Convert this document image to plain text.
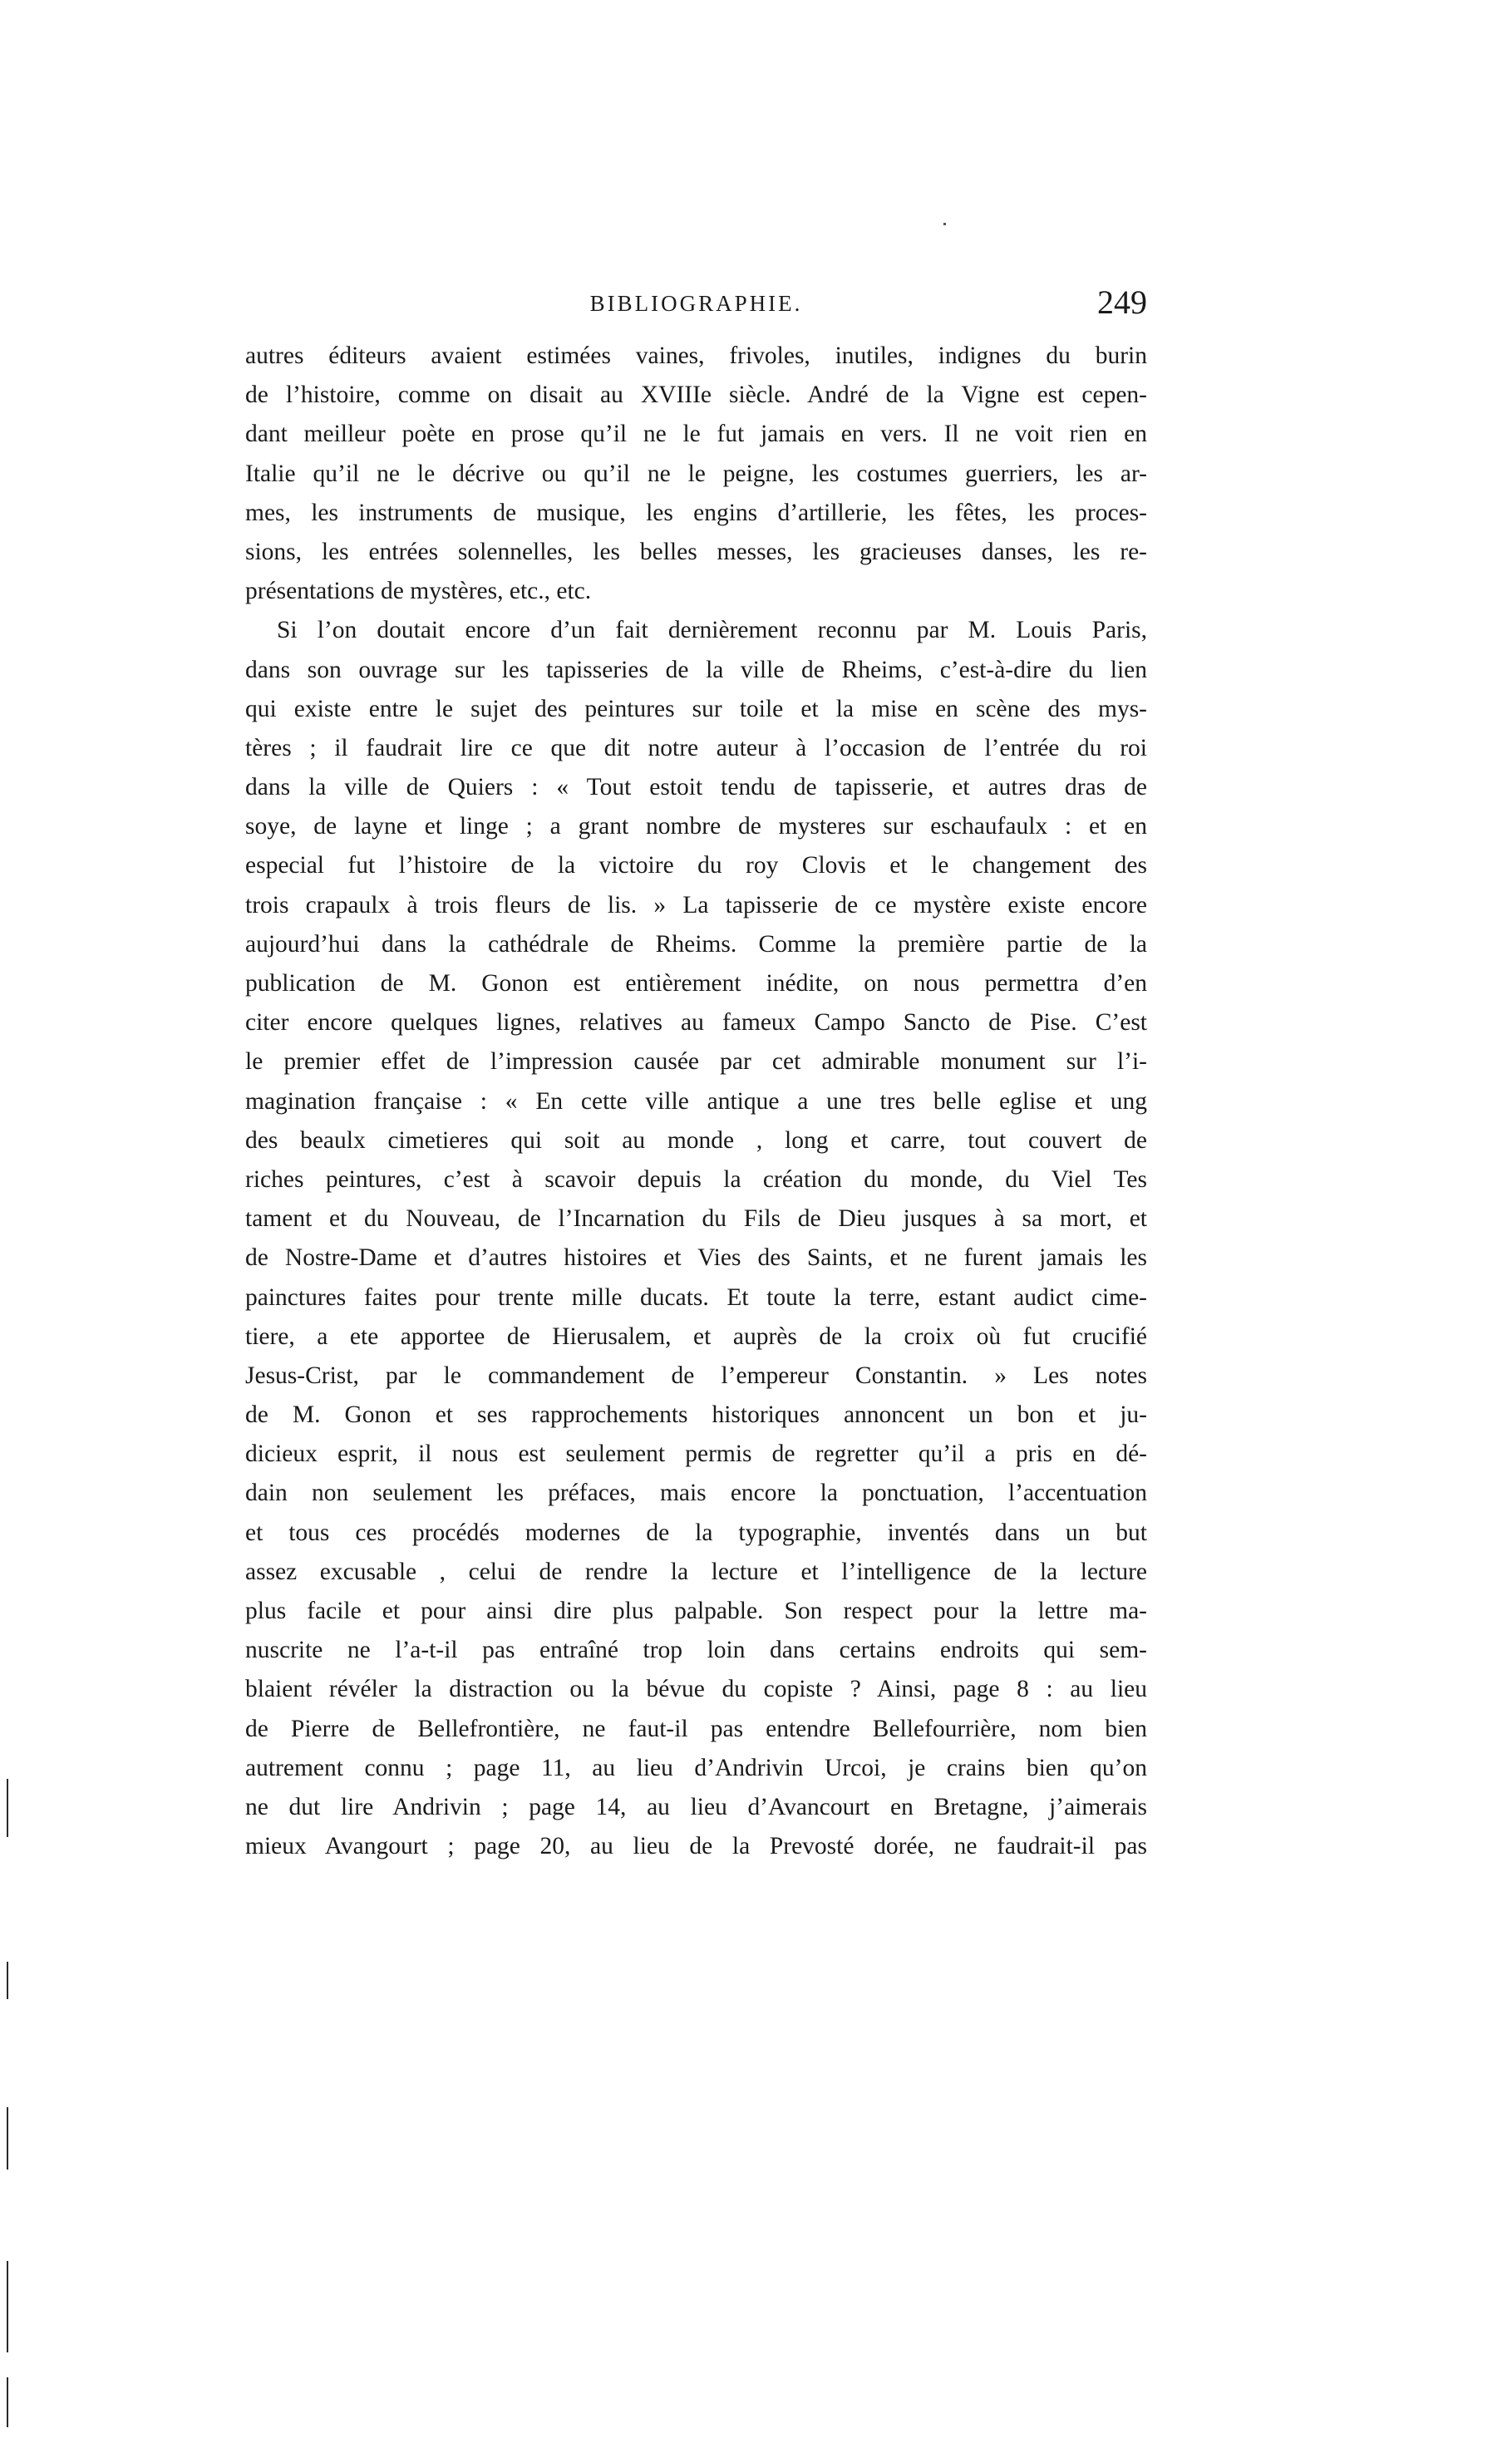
BIBLIOGRAPHIE.	249
autres éditeurs avaient estimées vaines, frivoles, inutiles, indignes du burin
de l’histoire, comme on disait au XVIIIe siècle. André de la Vigne est cepen-
dant meilleur poète en prose qu’il ne le fut jamais en vers. Il ne voit rien en
Italie qu’il ne le décrive ou qu’il ne le peigne, les costumes guerriers, les ar-
mes, les instruments de musique, les engins d’artillerie, les fêtes, les proces-
sions, les entrées solennelles, les belles messes, les gracieuses danses, les re-
présentations de mystères, etc., etc.
Si l’on doutait encore d’un fait dernièrement reconnu par M. Louis Paris,
dans son ouvrage sur les tapisseries de la ville de Rheims, c’est-à-dire du lien
qui existe entre le sujet des peintures sur toile et la mise en scène des mys-
tères ; il faudrait lire ce que dit notre auteur à l’occasion de l’entrée du roi
dans la ville de Quiers : « Tout estoit tendu de tapisserie, et autres dras de
soye, de layne et linge ; a grant nombre de mysteres sur eschaufaulx : et en
especial fut l’histoire de la victoire du roy Clovis et le changement des
trois crapaulx à trois fleurs de lis. » La tapisserie de ce mystère existe encore
aujourd’hui dans la cathédrale de Rheims. Comme la première partie de la
publication de M. Gonon est entièrement inédite, on nous permettra d’en
citer encore quelques lignes, relatives au fameux Campo Sancto de Pise. C’est
le premier effet de l’impression causée par cet admirable monument sur l’i-
magination française : « En cette ville antique a une tres belle eglise et ung
des beaulx cimetieres qui soit au monde , long et carre, tout couvert de
riches peintures, c’est à scavoir depuis la création du monde, du Viel Tes
tament et du Nouveau, de l’Incarnation du Fils de Dieu jusques à sa mort, et
de Nostre-Dame et d’autres histoires et Vies des Saints, et ne furent jamais les
painctures faites pour trente mille ducats. Et toute la terre, estant audict cime-
tiere, a ete apportee de Hierusalem, et auprès de la croix où fut crucifié
Jesus-Crist, par le commandement de l’empereur Constantin. » Les notes
de M. Gonon et ses rapprochements historiques annoncent un bon et ju-
dicieux esprit, il nous est seulement permis de regretter qu’il a pris en dé-
dain non seulement les préfaces, mais encore la ponctuation, l’accentuation
et tous ces procédés modernes de la typographie, inventés dans un but
assez excusable , celui de rendre la lecture et l’intelligence de la lecture
plus facile et pour ainsi dire plus palpable. Son respect pour la lettre ma-
nuscrite ne l’a-t-il pas entraîné trop loin dans certains endroits qui sem-
blaient révéler la distraction ou la bévue du copiste ? Ainsi, page 8 : au lieu
de Pierre de Bellefrontière, ne faut-il pas entendre Bellefourrière, nom bien
autrement connu ; page 11, au lieu d’Andrivin Urcoi, je crains bien qu’on
ne dut lire Andrivin ; page 14, au lieu d’Avancourt en Bretagne, j’aimerais
mieux Avangourt ; page 20, au lieu de la Prevosté dorée, ne faudrait-il pas
